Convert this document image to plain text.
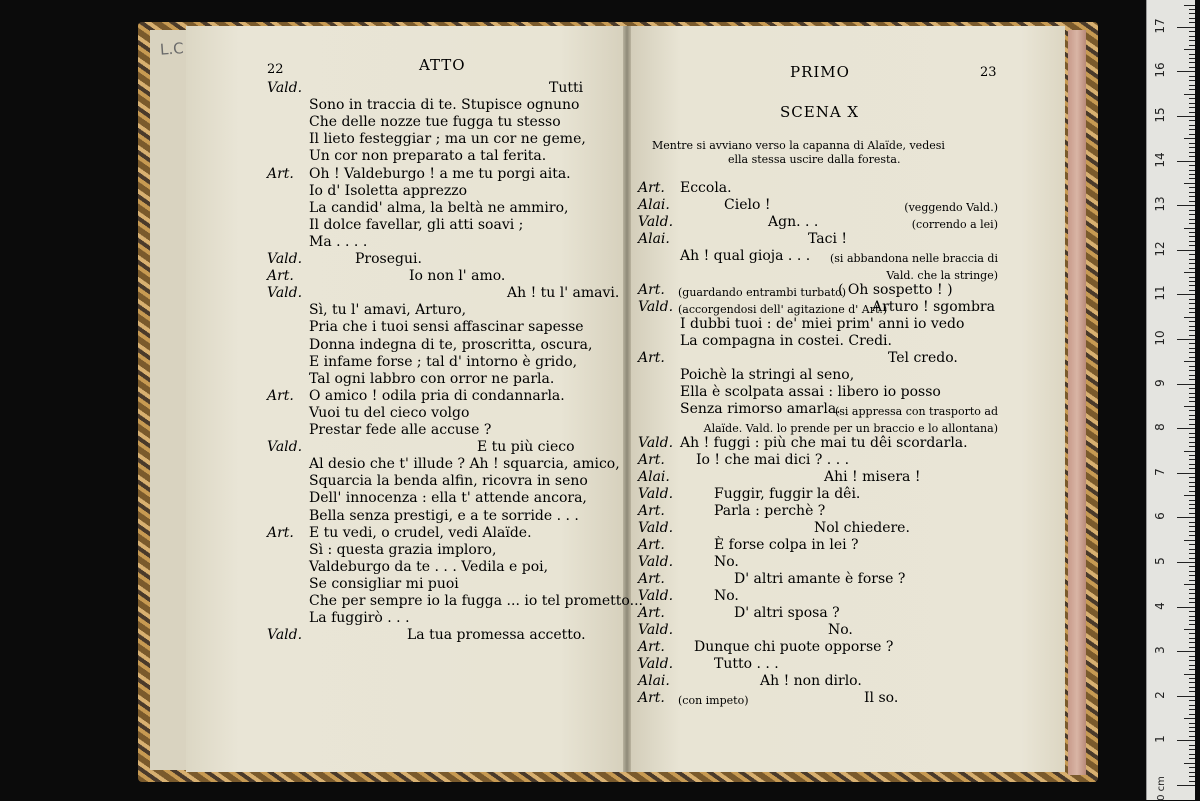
L.C
22	ATTO
Vald.	Tutti
Sono in traccia di te. Stupisce ognuno
Che delle nozze tue fugga tu stesso
Il lieto festeggiar ; ma un cor ne geme,
Un cor non preparato a tal ferita.
Art. Oh ! Valdeburgo ! a me tu porgi aita.
Io d' Isoletta apprezzo
La candid' alma, la beltà ne ammiro,
Il dolce favellar, gli atti soavi ;
Ma . . . .
Vald.	Prosegui.
Art.	Io non l' amo.
Vald.	Ah ! tu l' amavi.
Sì, tu l' amavi, Arturo,
Pria che i tuoi sensi affascinar sapesse
Donna indegna di te, proscritta, oscura,
E infame forse ; tal d' intorno è grido,
Tal ogni labbro con orror ne parla.
Art. O amico ! odila pria di condannarla.
Vuoi tu del cieco volgo
Prestar fede alle accuse ?
Vald.	E tu più cieco
Al desio che t' illude ? Ah ! squarcia, amico,
Squarcia la benda alfin, ricovra in seno
Dell' innocenza : ella t' attende ancora,
Bella senza prestigi, e a te sorride . . .
Art. E tu vedi, o crudel, vedi Alaïde.
Sì : questa grazia imploro,
Valdeburgo da te . . . Vedila e poi,
Se consigliar mi puoi
Che per sempre io la fugga ... io tel prometto...
La fuggirò . . .
Vald.	La tua promessa accetto.
PRIMO	23
SCENA X
Mentre si avviano verso la capanna di Alaïde, vedesi
ella stessa uscire dalla foresta.
Art. Eccola.
Alai.	Cielo !	(veggendo Vald.)
Vald.	Agn. . .	(correndo a lei)
Alai.	Taci !
Ah ! qual gioja . . . (si abbandona nelle braccia di
Vald. che la stringe)
Art.	( Oh sospetto ! )
(guardando entrambi turbato)
Vald.	Arturo ! sgombra
(accorgendosi dell' agitazione d' Art.)
I dubbi tuoi : de' miei prim' anni io vedo
La compagna in costei. Credi.
Art.	Tel credo.
Poichè la stringi al seno,
Ella è scolpata assai : libero io posso
Senza rimorso amarla.
(si appressa con trasporto ad
Alaïde. Vald. lo prende per un braccio e lo allontana)
Vald. Ah ! fuggi : più che mai tu dêi scordarla.
Art. Io ! che mai dici ? . . .
Alai.	Ahi ! misera !
Vald.	Fuggir, fuggir la dêi.
Art.	Parla : perchè ?
Vald.	Nol chiedere.
Art.	È forse colpa in lei ?
Vald.	No.
Art.	D' altri amante è forse ?
Vald.	No.
Art.	D' altri sposa ?
Vald.	No.
Art. Dunque chi puote opporse ?
Vald.	Tutto . . .
Alai.	Ah ! non dirlo.
Art.	Il so.
(con impeto)
0 cm
1
2
3
4
5
6
7
8
9
10
11
12
13
14
15
16
17
